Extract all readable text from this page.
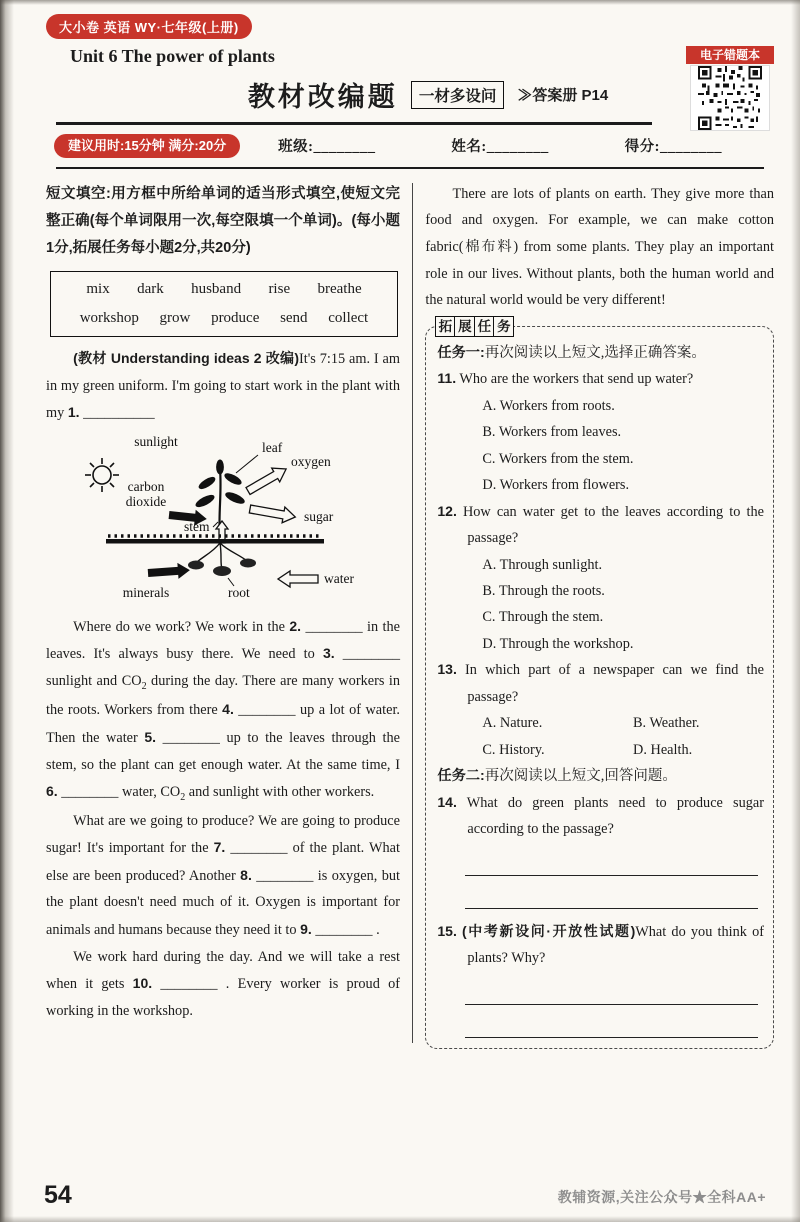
大小卷 英语 WY·七年级(上册)
Unit 6 The power of plants
教材改编题	一材多设问	≫答案册 P14
电子错题本
建议用时:15分钟 满分:20分	班级:________	姓名:________	得分:________

短文填空:用方框中所给单词的适当形式填空,使短文完整正确(每个单词限用一次,每空限填一个单词)。(每小题1分,拓展任务每小题2分,共20分)

mix dark husband rise breathe
workshop grow produce send collect

(教材 Understanding ideas 2 改编)It's 7:15 am. I am in my green uniform. I'm going to start work in the plant with my 1. __________

sunlight	leaf
oxygen
carbon
dioxide
sugar
stem
minerals
water
root

Where do we work? We work in the 2. ________ in the leaves. It's always busy there. We need to 3. ________ sunlight and $CO_2$ during the day. There are many workers in the roots. Workers from there 4. ________ up a lot of water. Then the water 5. ________ up to the leaves through the stem, so the plant can get enough water. At the same time, I 6. ________ water, $CO_2$ and sunlight with other workers.

What are we going to produce? We are going to produce sugar! It's important for the 7. ________ of the plant. What else are been produced? Another 8. ________ is oxygen, but the plant doesn't need much of it. Oxygen is important for animals and humans because they need it to 9. ________ .

We work hard during the day. And we will take a rest when it gets 10. ________ . Every worker is proud of working in the workshop.

There are lots of plants on earth. They give more than food and oxygen. For example, we can make cotton fabric(棉布料) from some plants. They play an important role in our lives. Without plants, both the human world and the natural world would be very different!

拓 展 任 务

任务一:再次阅读以上短文,选择正确答案。

11. Who are the workers that send up water?
A. Workers from roots.
B. Workers from leaves.
C. Workers from the stem.
D. Workers from flowers.
12. How can water get to the leaves according to the passage?
A. Through sunlight.
B. Through the roots.
C. Through the stem.
D. Through the workshop.
13. In which part of a newspaper can we find the passage?
A. Nature.	B. Weather.
C. History.	D. Health.

任务二:再次阅读以上短文,回答问题。

14. What do green plants need to produce sugar according to the passage?
15. (中考新设问·开放性试题)What do you think of plants? Why?
54	教辅资源,关注公众号★全科AA+
